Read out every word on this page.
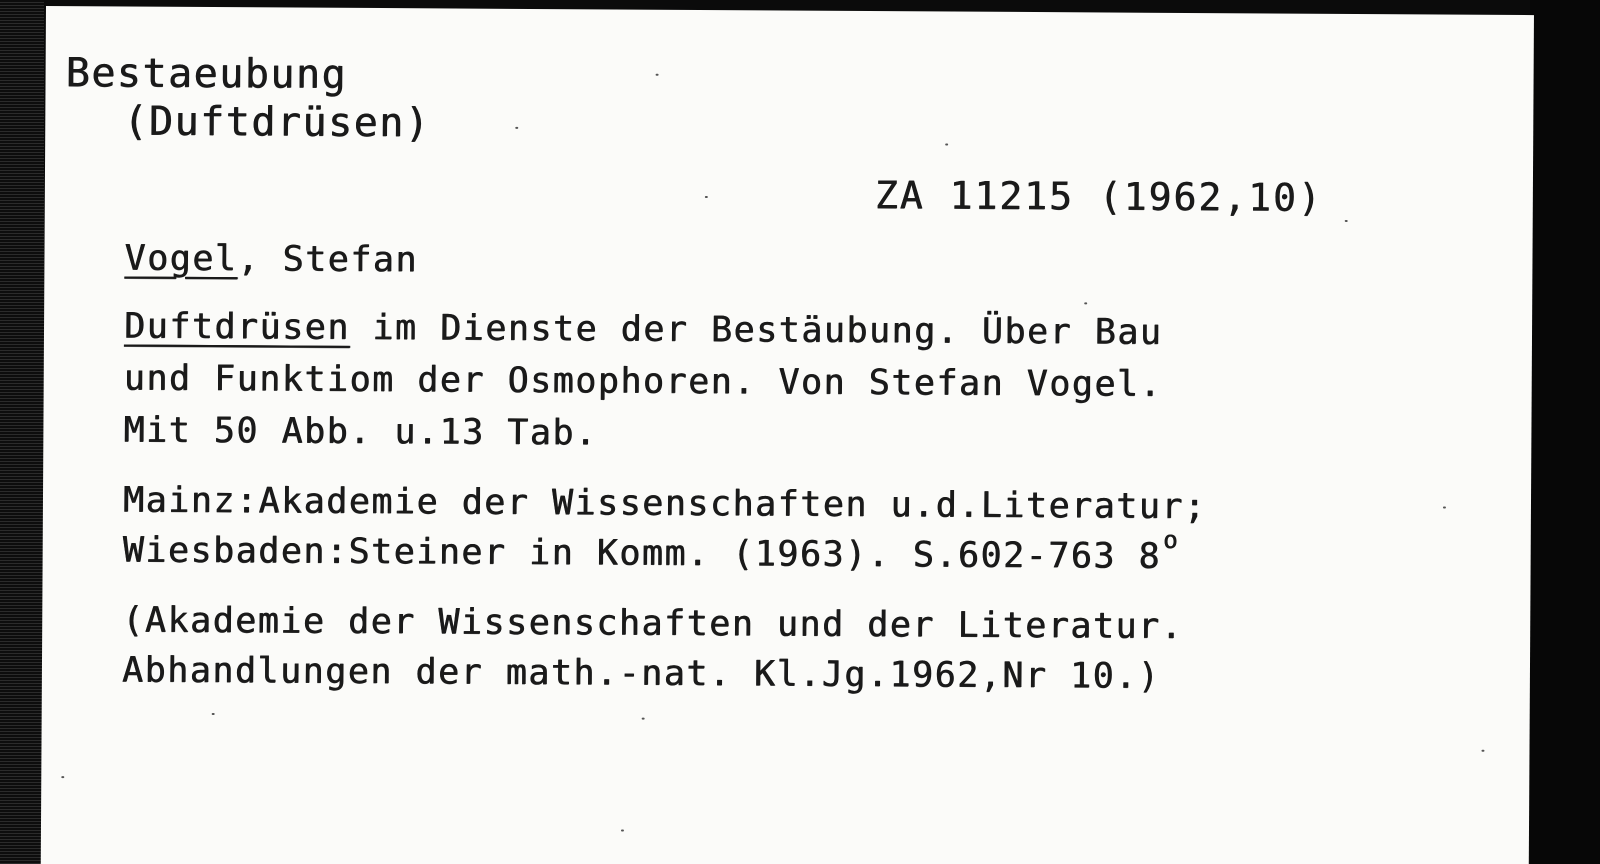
Bestaeubung
(Duftdrüsen)
ZA 11215 (1962,10)
Vogel, Stefan
Duftdrüsen im Dienste der Bestäubung. Über Bau
und Funktiom der Osmophoren. Von Stefan Vogel.
Mit 50 Abb. u.13 Tab.
Mainz:Akademie der Wissenschaften u.d.Literatur;
Wiesbaden:Steiner in Komm. (1963). S.602-763 8$^o$
(Akademie der Wissenschaften und der Literatur.
Abhandlungen der math.-nat. Kl.Jg.1962,Nr 10.)
